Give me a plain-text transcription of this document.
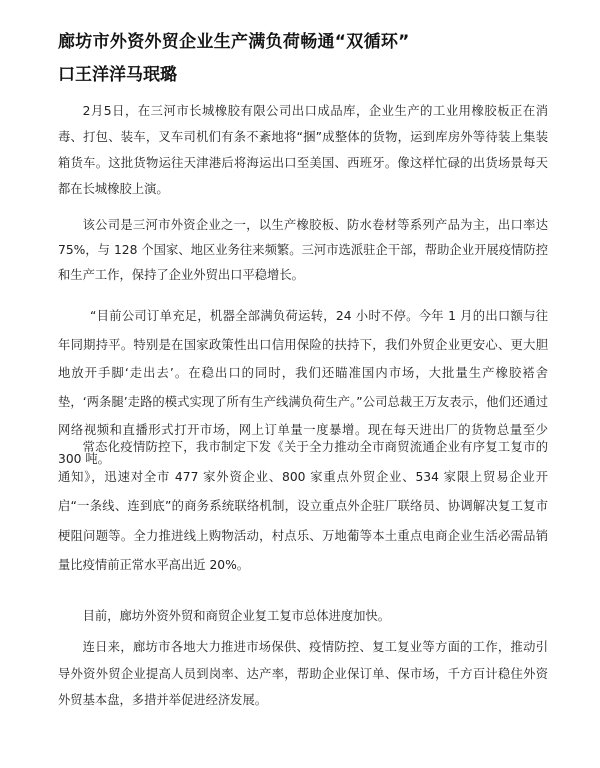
廊坊市外资外贸企业生产满负荷畅通“双循环”
口王洋洋马珉璐

2月5日，在三河市长城橡胶有限公司出口成品库，企业生产的工业用橡胶板正在消毒、打包、装车，叉车司机们有条不紊地将“捆”成整体的货物，运到库房外等待装上集装箱货车。这批货物运往天津港后将海运出口至美国、西班牙。像这样忙碌的出货场景每天都在长城橡胶上演。

该公司是三河市外资企业之一，以生产橡胶板、防水卷材等系列产品为主，出口率达 75%，与 128 个国家、地区业务往来频繁。三河市选派驻企干部，帮助企业开展疫情防控和生产工作，保持了企业外贸出口平稳增长。

“目前公司订单充足，机器全部满负荷运转，24 小时不停。今年 1 月的出口额与往年同期持平。特别是在国家政策性出口信用保险的扶持下，我们外贸企业更安心、更大胆地放开手脚‘走出去’。在稳出口的同时，我们还瞄准国内市场，大批量生产橡胶褡舍垫，‘两条腿’走路的模式实现了所有生产线满负荷生产。”公司总裁王万友表示，他们还通过网络视频和直播形式打开市场，网上订单量一度暴增。现在每天进出厂的货物总量至少 300 吨。

常态化疫情防控下，我市制定下发《关于全力推动全市商贸流通企业有序复工复市的通知》，迅速对全市 477 家外资企业、800 家重点外贸企业、534 家限上贸易企业开启“一条线、连到底”的商务系统联络机制，设立重点外企驻厂联络员、协调解决复工复市梗阻问题等。全力推进线上购物活动，村点乐、万地葡等本土重点电商企业生活必需品销量比疫情前正常水平高出近 20%。

目前，廊坊外资外贸和商贸企业复工复市总体进度加快。

连日来，廊坊市各地大力推进市场保供、疫情防控、复工复业等方面的工作，推动引导外资外贸企业提高人员到岗率、达产率，帮助企业保订单、保市场，千方百计稳住外资外贸基本盘，多措并举促进经济发展。
